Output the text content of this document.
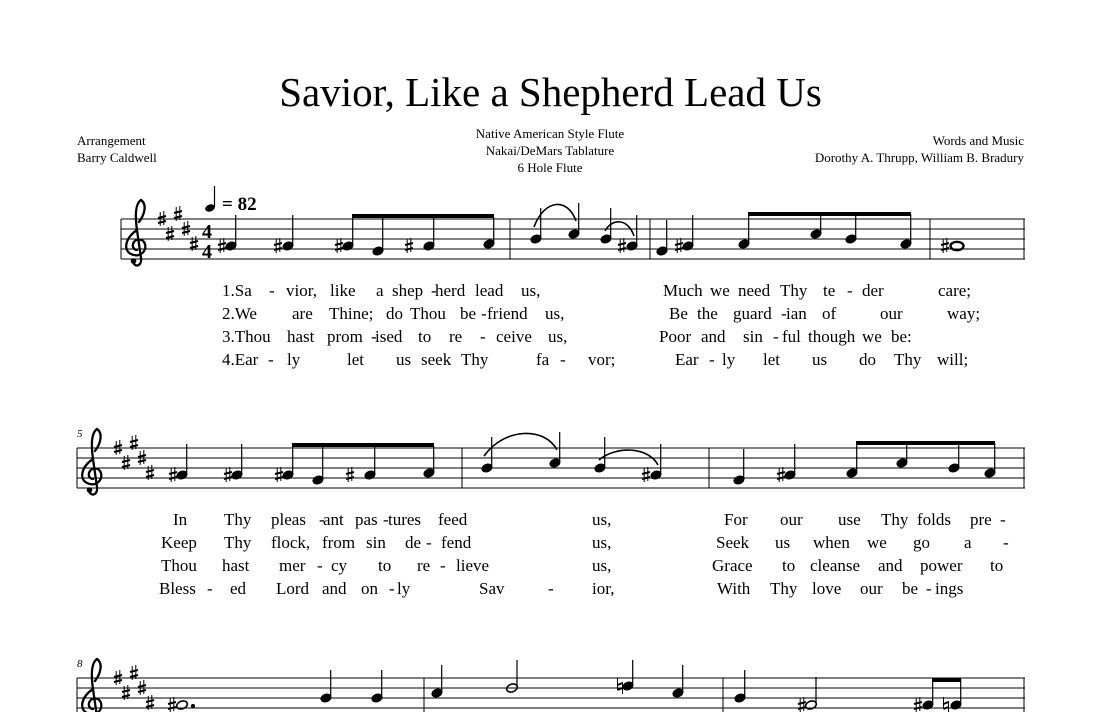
Savior, Like a Shepherd Lead Us
Arrangement
Barry Caldwell
Native American Style Flute
Nakai/DeMars Tablature
6 Hole Flute
Words and Music
Dorothy A. Thrupp, William B. Bradury
4
4
= 82
1.Sa - vior, like a shep -
herd lead us,	Much we need Thy te - der	care;
2.We are Thine; do Thou be - friend us,	Be the guard - ian of	our	way;
3.Thou hast prom -
ised to re - ceive us,	Poor and sin - ful though we be:
4.Ear - ly	let us seek Thy	fa - vor;	Ear - ly let us do Thy will;
5
In Thy pleas -
ant pas - tures feed	us,	For our use Thy folds pre -
Keep Thy flock, from sin de - fend	us,	Seek us when we go a -
Thou hast mer - cy to re - lieve	us,	Grace to cleanse and power to
Bless - ed Lord and on - ly	Sav	- ior,	With Thy love our be - ings
8
